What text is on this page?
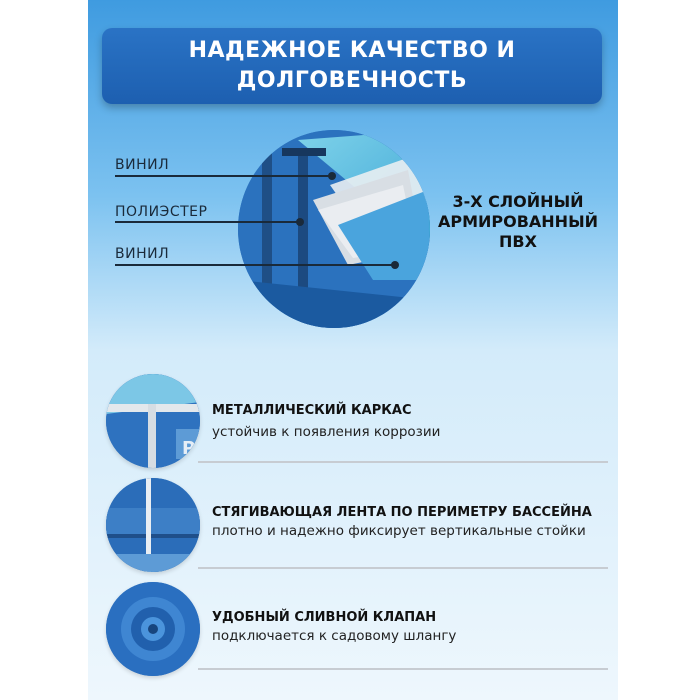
НАДЕЖНОЕ КАЧЕСТВО И
ДОЛГОВЕЧНОСТЬ
ВИНИЛ
ПОЛИЭСТЕР
ВИНИЛ
3-Х СЛОЙНЫЙ
АРМИРОВАННЫЙ
ПВХ
P
МЕТАЛЛИЧЕСКИЙ КАРКАС
устойчив к появления коррозии
СТЯГИВАЮЩАЯ ЛЕНТА ПО ПЕРИМЕТРУ БАССЕЙНА
плотно и надежно фиксирует вертикальные стойки
УДОБНЫЙ СЛИВНОЙ КЛАПАН
подключается к садовому шлангу
